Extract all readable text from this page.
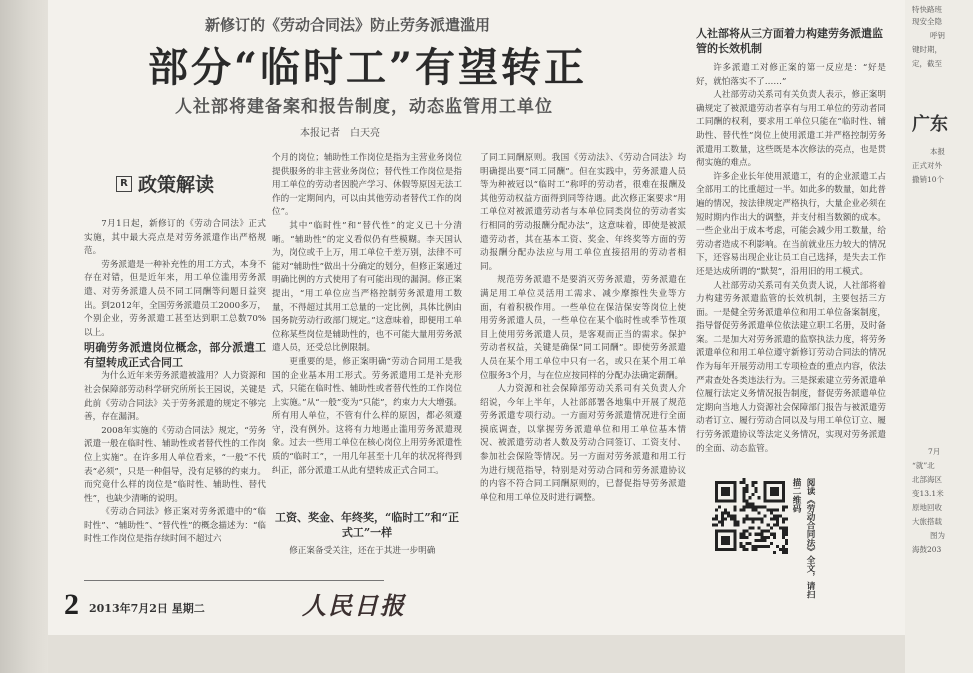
新修订的《劳动合同法》防止劳务派遣滥用
部分“临时工”有望转正
人社部将建备案和报告制度，动态监管用工单位
本报记者　白天亮
R 政策解读

7月1日起，新修订的《劳动合同法》正式实施，其中最大亮点是对劳务派遣作出严格规范。

劳务派遣是一种补充性的用工方式，本身不存在对错，但是近年来，用工单位滥用劳务派遣、对劳务派遣人员不同工同酬等问题日益突出。到2012年，全国劳务派遣员工2000多万，个别企业，劳务派遣工甚至达到职工总数70%以上。

明确劳务派遣岗位概念，部分派遣工有望转成正式合同工

为什么近年来劳务派遣被滥用？人力资源和社会保障部劳动科学研究所所长王园说，关键是此前《劳动合同法》关于劳务派遣的规定不够完善，存在漏洞。

2008年实施的《劳动合同法》规定，“劳务派遣一般在临时性、辅助性或者替代性的工作岗位上实施”。在许多用人单位看来，“一般”不代表“必须”，只是一种倡导，没有足够的约束力。而究竟什么样的岗位是“临时性、辅助性、替代性”，也缺少清晰的说明。

《劳动合同法》修正案对劳务派遣中的“临时性”、“辅助性”、“替代性”的概念描述为：“临时性工作岗位是指存续时间不超过六

个月的岗位；辅助性工作岗位是指为主营业务岗位提供服务的非主营业务岗位；替代性工作岗位是指用工单位的劳动者因脱产学习、休假等原因无法工作的一定期间内，可以由其他劳动者替代工作的岗位”。

其中“临时性”和“替代性”的定义已十分清晰。“辅助性”的定义看似仍有些模糊。李天国认为，岗位或千上万，用工单位千差万别，法律不可能对“辅助性”做出十分确定的划分，但修正案通过明确比例的方式使用了有可能出现的漏洞。修正案提出，“用工单位应当严格控制劳务派遣用工数量，不得超过其用工总量的一定比例，具体比例由国务院劳动行政部门规定。”这意味着，即便用工单位称某些岗位是辅助性的，也不可能大量用劳务派遣人员，还受总比例限制。

更重要的是，修正案明确“劳动合同用工是我国的企业基本用工形式。劳务派遣用工是补充形式，只能在临时性、辅助性或者替代性的工作岗位上实施。”从“一般”变为“只能”，约束力大大增强。所有用人单位，不管有什么样的原因，都必须遵守，没有例外。这将有力地遏止滥用劳务派遣现象。过去一些用工单位在核心岗位上用劳务派遣性质的“临时工”，一用几年甚至十几年的状况将得到纠正，部分派遣工从此有望转成正式合同工。

工资、奖金、年终奖，“临时工”和“正式工”一样

修正案备受关注，还在于其进一步明确

了同工同酬原则。我国《劳动法》、《劳动合同法》均明确提出要“同工同酬”。但在实践中，劳务派遣人员等为种被冠以“临时工”称呼的劳动者，很难在报酬及其他劳动权益方面得到同等待遇。此次修正案要求“用工单位对被派遣劳动者与本单位同类岗位的劳动者实行相同的劳动报酬分配办法”，这意味着，即使是被派遣劳动者，其在基本工资、奖金、年终奖等方面的劳动报酬分配办法应与用工单位直接招用的劳动者相同。

规范劳务派遣不是要消灭劳务派遣，劳务派遣在满足用工单位灵活用工需求、减少摩擦性失业等方面，有着积极作用。一些单位在保洁保安等岗位上使用劳务派遣人员，一些单位在某个临时性或季节性项目上使用劳务派遣人员，是客观而正当的需求。保护劳动者权益，关键是确保“同工同酬”。即使劳务派遣人员在某个用工单位中只有一名，或只在某个用工单位服务3个月，与在位应按同样的分配办法确定薪酬。

人力资源和社会保障部劳动关系司有关负责人介绍说，今年上半年，人社部部署各地集中开展了规范劳务派遣专项行动。一方面对劳务派遣情况进行全面摸底调查，以掌握劳务派遣单位和用工单位基本情况、被派遣劳动者人数及劳动合同签订、工资支付、参加社会保险等情况。另一方面对劳务派遣和用工行为进行规范指导，特别是对劳动合同和劳务派遣协议的内容不符合同工同酬原则的，已督促指导劳务派遣单位和用工单位及时进行调整。

人社部将从三方面着力构建劳务派遣监管的长效机制

许多派遣工对修正案的第一反应是：“好是好，就怕落实不了……”

人社部劳动关系司有关负责人表示，修正案明确规定了被派遣劳动者享有与用工单位的劳动者同工同酬的权利，要求用工单位只能在“临时性、辅助性、替代性”岗位上使用派遣工并严格控制劳务派遣用工数量，这些既是本次修法的亮点，也是贯彻实施的难点。

许多企业长年使用派遣工，有的企业派遣工占全部用工的比重超过一半。如此多的数量，如此普遍的情况，按法律规定严格执行，大量企业必须在短时期内作出大的调整，并支付相当数额的成本。一些企业出于成本考虑，可能会减少用工数量，给劳动者造成不利影响。在当前就业压力较大的情况下，还容易出现企业让员工自己选择，是失去工作还是达成所谓的“默契”，沿用旧的用工模式。

人社部劳动关系司有关负责人说，人社部将着力构建劳务派遣监管的长效机制，主要包括三方面。一是健全劳务派遣单位和用工单位备案制度，指导督促劳务派遣单位依法建立职工名册，及时备案。二是加大对劳务派遣的监察执法力度，将劳务派遣单位和用工单位遵守新修订劳动合同法的情况作为每年开展劳动用工专项检查的重点内容，依法严肃查处各类违法行为。三是探索建立劳务派遣单位履行法定义务情况报告制度，督促劳务派遣单位定期向当地人力资源社会保障部门报告与被派遣劳动者订立、履行劳动合同以及与用工单位订立、履行劳务派遣协议等法定义务情况，实现对劳务派遣的全面、动态监管。

阅读《劳动合同法》全文，请扫
描二维码
2 2013年7月2日 星期二	人民日报
特快路班
现安全隐
呼钥
键时期，
定，截至
广东
本报
正式对外
撒销10个
7月
“就”北
北部海区
变13.1米
原地回收
大旅搭载
图为
海鼓203
